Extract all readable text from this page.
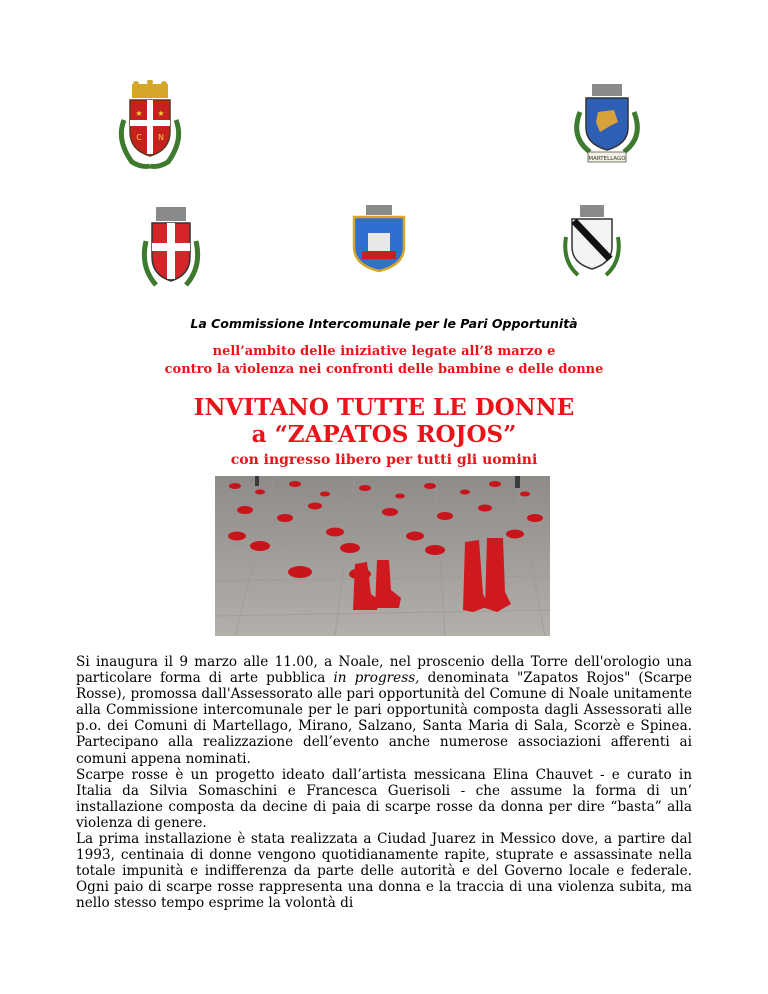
★ ★
C N
MARTELLAGO
La Commissione Intercomunale per le Pari Opportunità
nell’ambito delle iniziative legate all’8 marzo e
contro la violenza nei confronti delle bambine e delle donne
INVITANO TUTTE LE DONNE
a “ZAPATOS ROJOS”
con ingresso libero per tutti gli uomini

Si inaugura il 9 marzo alle 11.00, a Noale, nel proscenio della Torre dell'orologio una particolare forma di arte pubblica in progress, denominata "Zapatos Rojos" (Scarpe Rosse), promossa dall'Assessorato alle pari opportunità del Comune di Noale unitamente alla Commissione intercomunale per le pari opportunità composta dagli Assessorati alle p.o. dei Comuni di Martellago, Mirano, Salzano, Santa Maria di Sala, Scorzè e Spinea. Partecipano alla realizzazione dell’evento anche numerose associazioni afferenti ai comuni appena nominati.

Scarpe rosse è un progetto ideato dall’artista messicana Elina Chauvet - e curato in Italia da Silvia Somaschini e Francesca Guerisoli - che assume la forma di un’ installazione composta da decine di paia di scarpe rosse da donna per dire “basta” alla violenza di genere.

La prima installazione è stata realizzata a Ciudad Juarez in Messico dove, a partire dal 1993, centinaia di donne vengono quotidianamente rapite, stuprate e assassinate nella totale impunità e indifferenza da parte delle autorità e del Governo locale e federale. Ogni paio di scarpe rosse rappresenta una donna e la traccia di una violenza subita, ma nello stesso tempo esprime la volontà di
